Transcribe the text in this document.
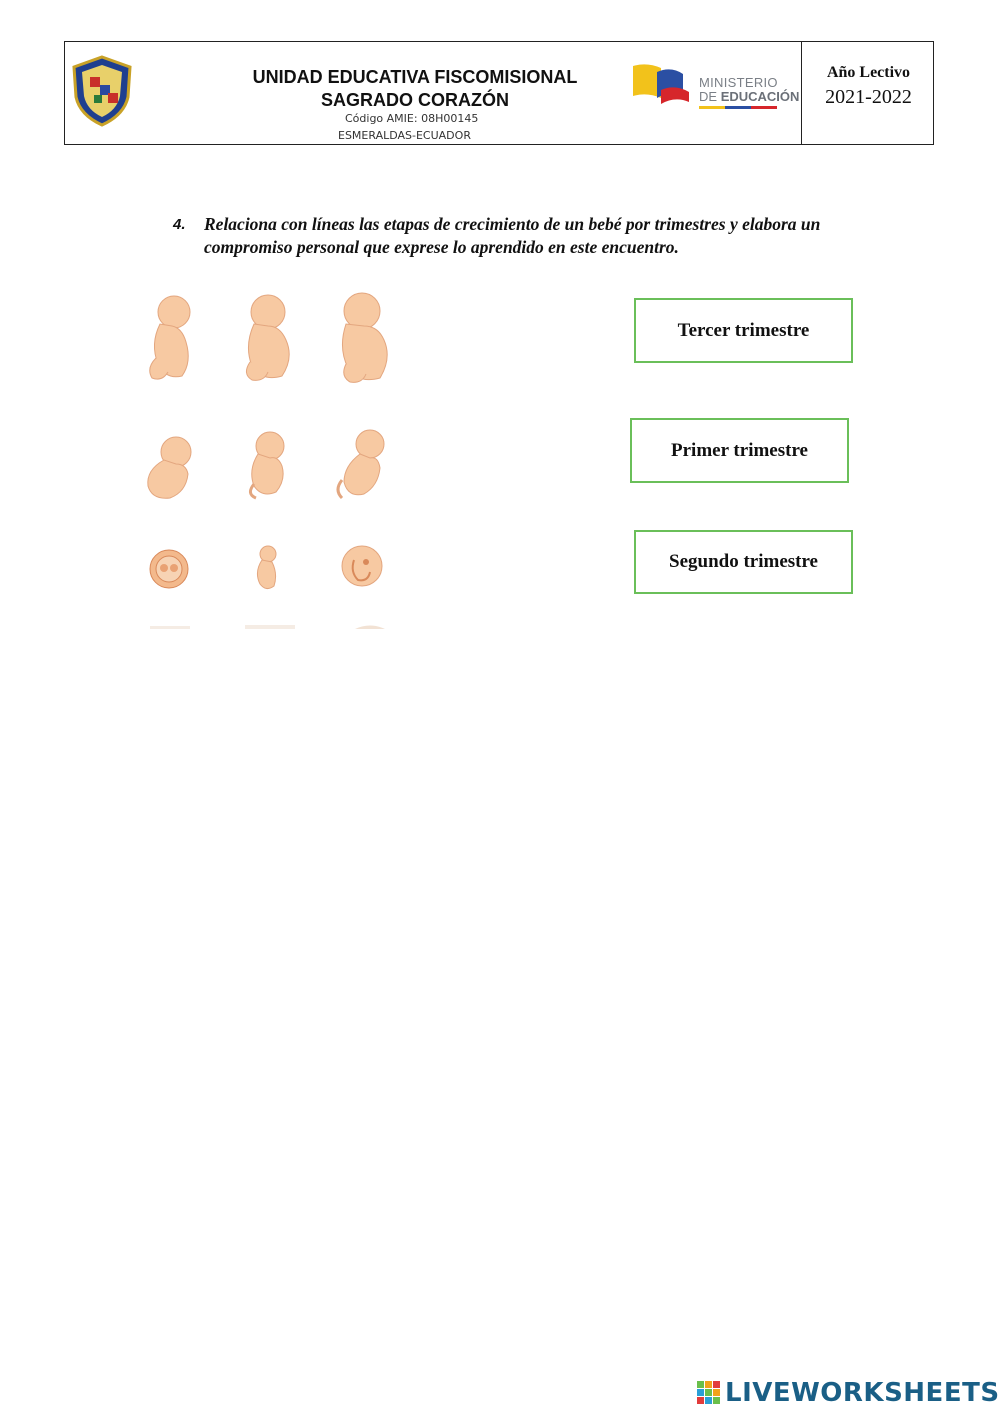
UNIDAD EDUCATIVA FISCOMISIONAL
SAGRADO CORAZÓN
Código AMIE: 08H00145
ESMERALDAS-ECUADOR
MINISTERIO
DE EDUCACIÓN
Año Lectivo
2021-2022
4. Relaciona con líneas las etapas de crecimiento de un bebé por trimestres y elabora un compromiso personal que exprese lo aprendido en este encuentro.
Tercer trimestre
Primer trimestre
Segundo trimestre
LIVEWORKSHEETS
